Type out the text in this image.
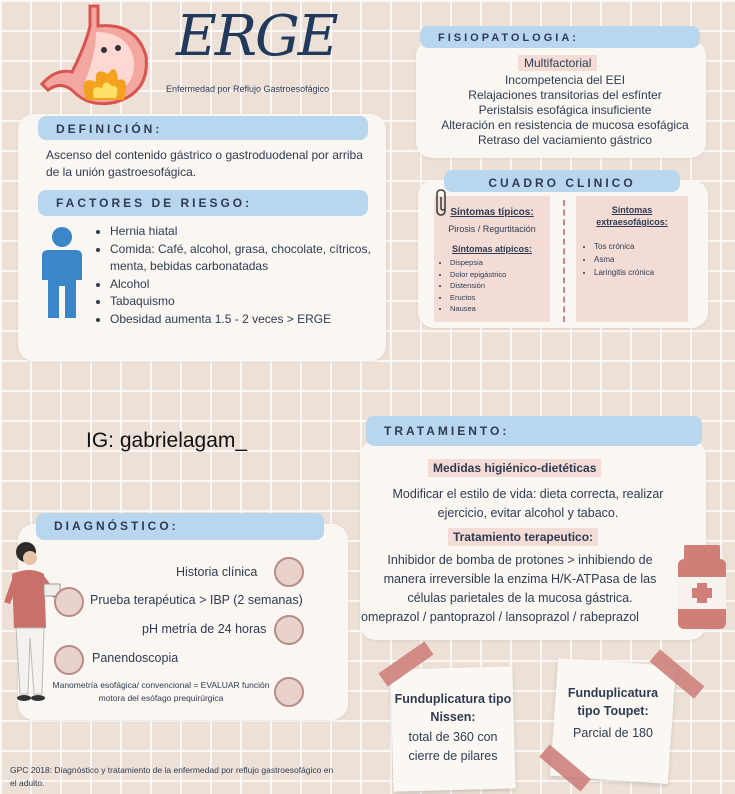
ERGE
Enfermedad por Reflujo Gastroesofágico
DEFINICIÓN:
Ascenso del contenido gástrico o gastroduodenal por arriba de la unión gastroesofágica.
FACTORES DE RIESGO:
• Hernia hiatal
• Comida: Café, alcohol, grasa, chocolate, cítricos, menta, bebidas carbonatadas
• Alcohol
• Tabaquismo
• Obesidad aumenta 1.5 - 2 veces > ERGE
FISIOPATOLOGIA:
Multifactorial
Incompetencia del EEI
Relajaciones transitorias del esfínter
Peristalsis esofágica insuficiente
Alteración en resistencia de mucosa esofágica
Retraso del vaciamiento gástrico
CUADRO CLINICO
Síntomas típicos:
Pirosis / Regurtitación
Síntomas atípicos:
• Dispepsia
• Dolor epigástrico
• Distensión
• Eructos
• Nausea
Síntomas extraesofágicos:
• Tos crónica
• Asma
• Laringitis crónica
IG: gabrielagam_	TRATAMIENTO:
Medidas higiénico-dietéticas
Modificar el estilo de vida: dieta correcta, realizar ejercicio, evitar alcohol y tabaco.
Tratamiento terapeutico:
Inhibidor de bomba de protones > inhibiendo de manera irreversible la enzima H/K-ATPasa de las células parietales de la mucosa gástrica.
omeprazol / pantoprazol / lansoprazol / rabeprazol
DIAGNÓSTICO:
Historia clínica
Prueba terapéutica > IBP (2 semanas)
pH metría de 24 horas
Panendoscopia
Manometría esofágica/ convencional = EVALUAR función motora del esófago prequirúrgica	Funduplicatura tipo Nissen:
total de 360 con cierre de pilares
Funduplicatura tipo Toupet:
Parcial de 180
GPC 2018: Diagnóstico y tratamiento de la enfermedad por reflujo gastroesofágico en el adulto.
